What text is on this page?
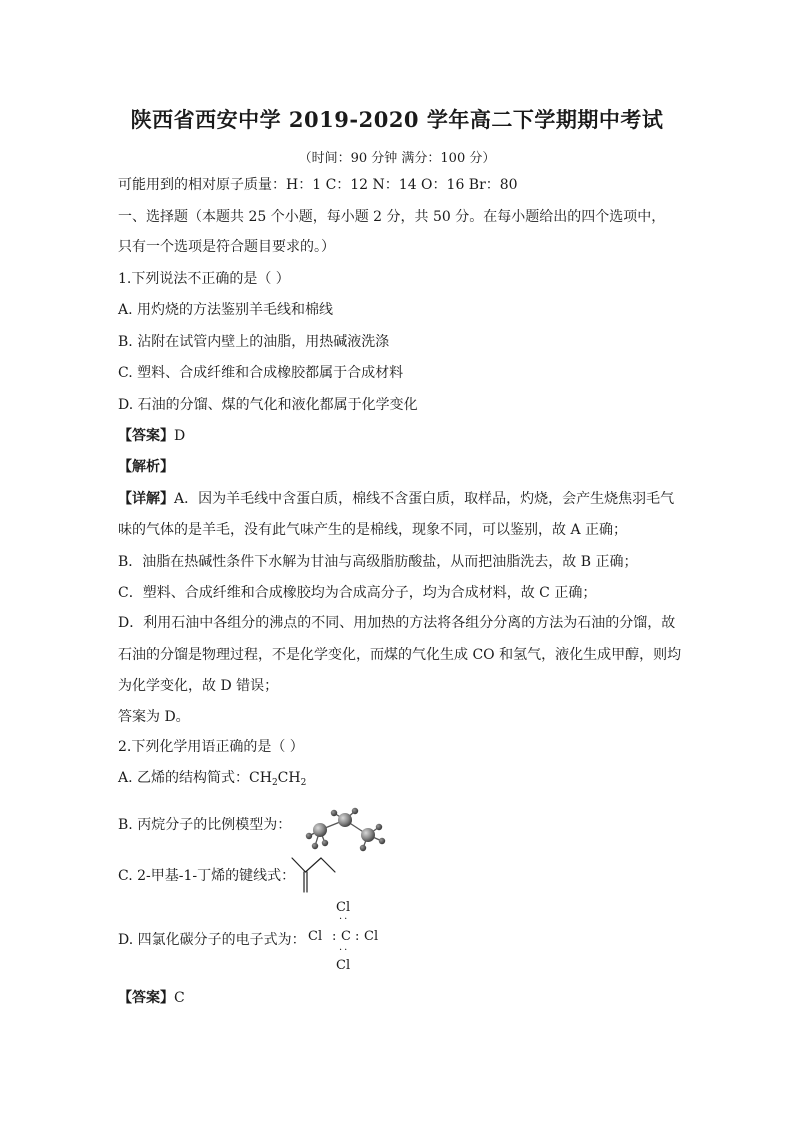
陕西省西安中学 2019-2020 学年高二下学期期中考试
（时间：90 分钟 满分：100 分）
可能用到的相对原子质量：H：1 C：12 N：14 O：16 Br：80
一、选择题（本题共 25 个小题，每小题 2 分，共 50 分。在每小题给出的四个选项中，
只有一个选项是符合题目要求的。）
1.下列说法不正确的是（ ）
A. 用灼烧的方法鉴别羊毛线和棉线
B. 沾附在试管内壁上的油脂，用热碱液洗涤
C. 塑料、合成纤维和合成橡胶都属于合成材料
D. 石油的分馏、煤的气化和液化都属于化学变化
【答案】D
【解析】
【详解】A．因为羊毛线中含蛋白质，棉线不含蛋白质，取样品，灼烧，会产生烧焦羽毛气
味的气体的是羊毛，没有此气味产生的是棉线，现象不同，可以鉴别，故 A 正确；
B．油脂在热碱性条件下水解为甘油与高级脂肪酸盐，从而把油脂洗去，故 B 正确；
C．塑料、合成纤维和合成橡胶均为合成高分子，均为合成材料，故 C 正确；
D．利用石油中各组分的沸点的不同、用加热的方法将各组分分离的方法为石油的分馏，故
石油的分馏是物理过程，不是化学变化，而煤的气化生成 CO 和氢气，液化生成甲醇，则均
为化学变化，故 D 错误；
答案为 D。
2.下列化学用语正确的是（ ）
A. 乙烯的结构简式：$CH_2CH_2$
B. 丙烷分子的比例模型为：
C. 2-甲基-1-丁烯的键线式：
D. 四氯化碳分子的电子式为：
Cl
··
Cl : C : Cl
··
Cl
【答案】C
